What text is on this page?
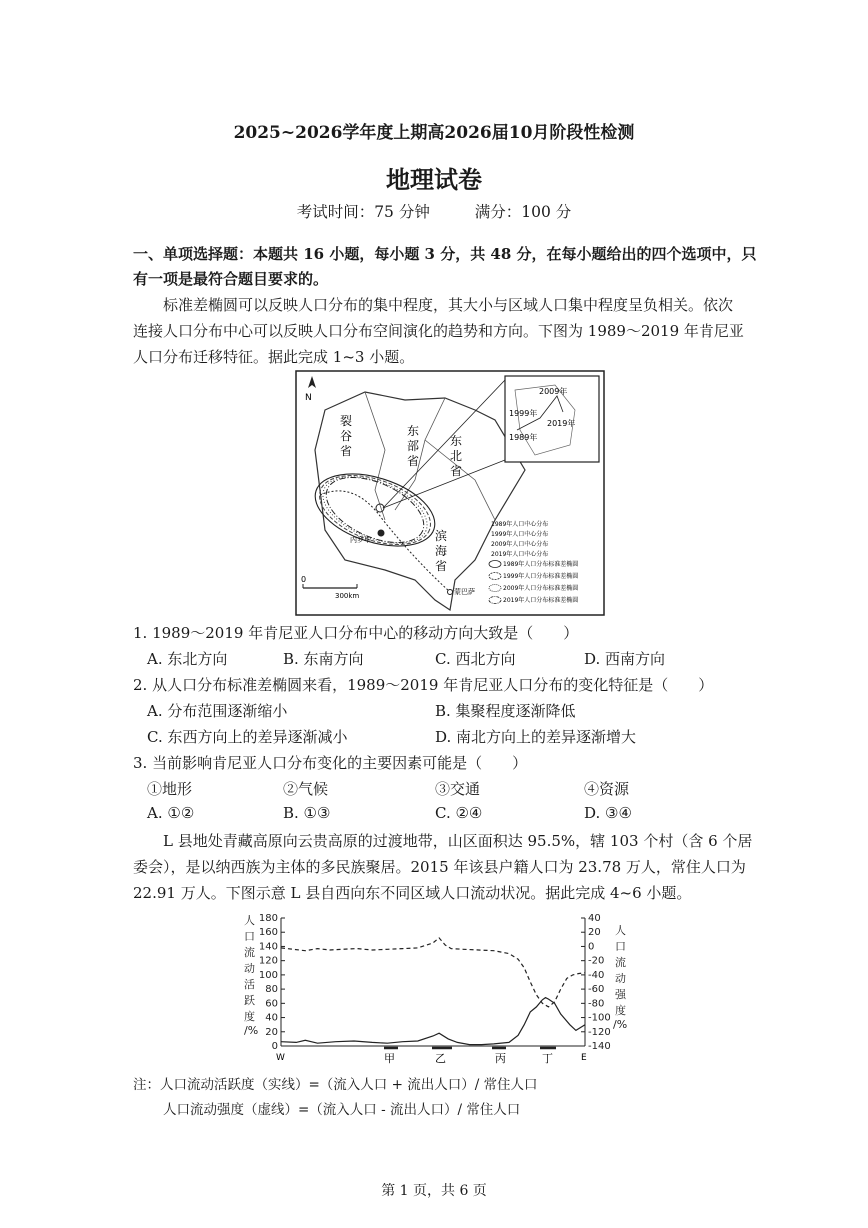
2025~2026学年度上期高2026届10月阶段性检测
地理试卷
考试时间：75 分钟	满分：100 分
一、单项选择题：本题共 16 小题，每小题 3 分，共 48 分，在每小题给出的四个选项中，只
有一项是最符合题目要求的。
标准差椭圆可以反映人口分布的集中程度，其大小与区域人口集中程度呈负相关。依次
连接人口分布中心可以反映人口分布空间演化的趋势和方向。下图为 1989～2019 年肯尼亚
人口分布迁移特征。据此完成 1~3 小题。
N
裂
谷
省
东
部
省
东
北
省
滨
海
省
内罗毕
蒙巴萨
0
300km
2009年
1999年
2019年
1989年
1989年人口中心分布
1999年人口中心分布
2009年人口中心分布
2019年人口中心分布
1989年人口分布标准差椭圆
1999年人口分布标准差椭圆
2009年人口分布标准差椭圆
2019年人口分布标准差椭圆
1. 1989～2019 年肯尼亚人口分布中心的移动方向大致是（　　）
A. 东北方向	B. 东南方向	C. 西北方向	D. 西南方向
2. 从人口分布标准差椭圆来看，1989～2019 年肯尼亚人口分布的变化特征是（　　）
A. 分布范围逐渐缩小	B. 集聚程度逐渐降低
C. 东西方向上的差异逐渐减小	D. 南北方向上的差异逐渐增大
3. 当前影响肯尼亚人口分布变化的主要因素可能是（　　）
①地形	②气候	③交通	④资源
A. ①②	B. ①③	C. ②④	D. ③④
L 县地处青藏高原向云贵高原的过渡地带，山区面积达 95.5%，辖 103 个村（含 6 个居
委会），是以纳西族为主体的多民族聚居。2015 年该县户籍人口为 23.78 万人，常住人口为
22.91 万人。下图示意 L 县自西向东不同区域人口流动状况。据此完成 4~6 小题。
人
口
流
动
活
跃
度
/%
人
口
流
动
强
度
/%
180
160
140
120
100
80
60
40
20
0
40
20
0
-20
-40
-60
-80
-100
-120
-140
W	E
甲	乙	丙	丁
注：人口流动活跃度（实线）=（流入人口 + 流出人口）/ 常住人口
人口流动强度（虚线）=（流入人口 - 流出人口）/ 常住人口
第 1 页，共 6 页
